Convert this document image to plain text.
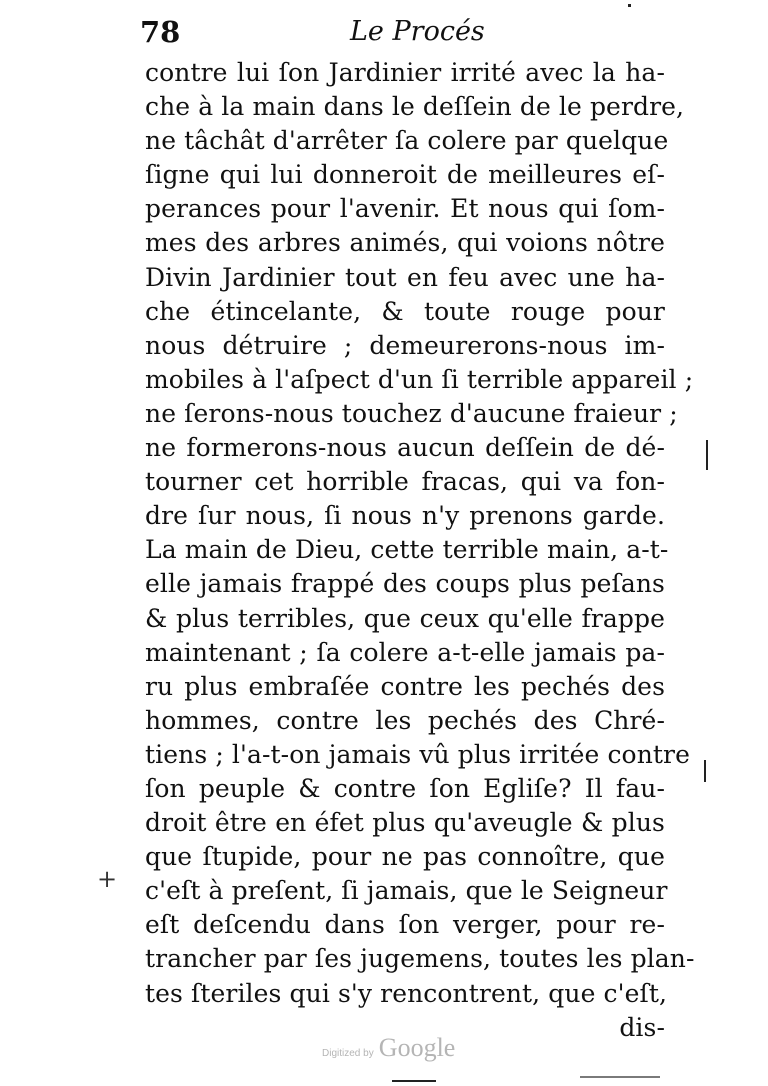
78	Le Procés
contre lui ſon Jardinier irrité avec la ha-
che à la main dans le deſſein de le perdre,
ne tâchât d'arrêter ſa colere par quelque
ſigne qui lui donneroit de meilleures eſ-
perances pour l'avenir. Et nous qui ſom-
mes des arbres animés, qui voions nôtre
Divin Jardinier tout en feu avec une ha-
che étincelante, & toute rouge pour
nous détruire ; demeurerons-nous im-
mobiles à l'aſpect d'un ſi terrible appareil ;
ne ſerons-nous touchez d'aucune fraieur ;
ne formerons-nous aucun deſſein de dé-
tourner cet horrible fracas, qui va fon-
dre ſur nous, ſi nous n'y prenons garde.
La main de Dieu, cette terrible main, a-t-
elle jamais frappé des coups plus peſans
& plus terribles, que ceux qu'elle frappe
maintenant ; ſa colere a-t-elle jamais pa-
ru plus embraſée contre les pechés des
hommes, contre les pechés des Chré-
tiens ; l'a-t-on jamais vû plus irritée contre
ſon peuple & contre ſon Egliſe? Il fau-
droit être en éfet plus qu'aveugle & plus
que ſtupide, pour ne pas connoître, que
c'eſt à preſent, ſi jamais, que le Seigneur
eſt deſcendu dans ſon verger, pour re-
trancher par ſes jugemens, toutes les plan-
tes ſteriles qui s'y rencontrent, que c'eſt,
dis-
+
Digitized by Google
